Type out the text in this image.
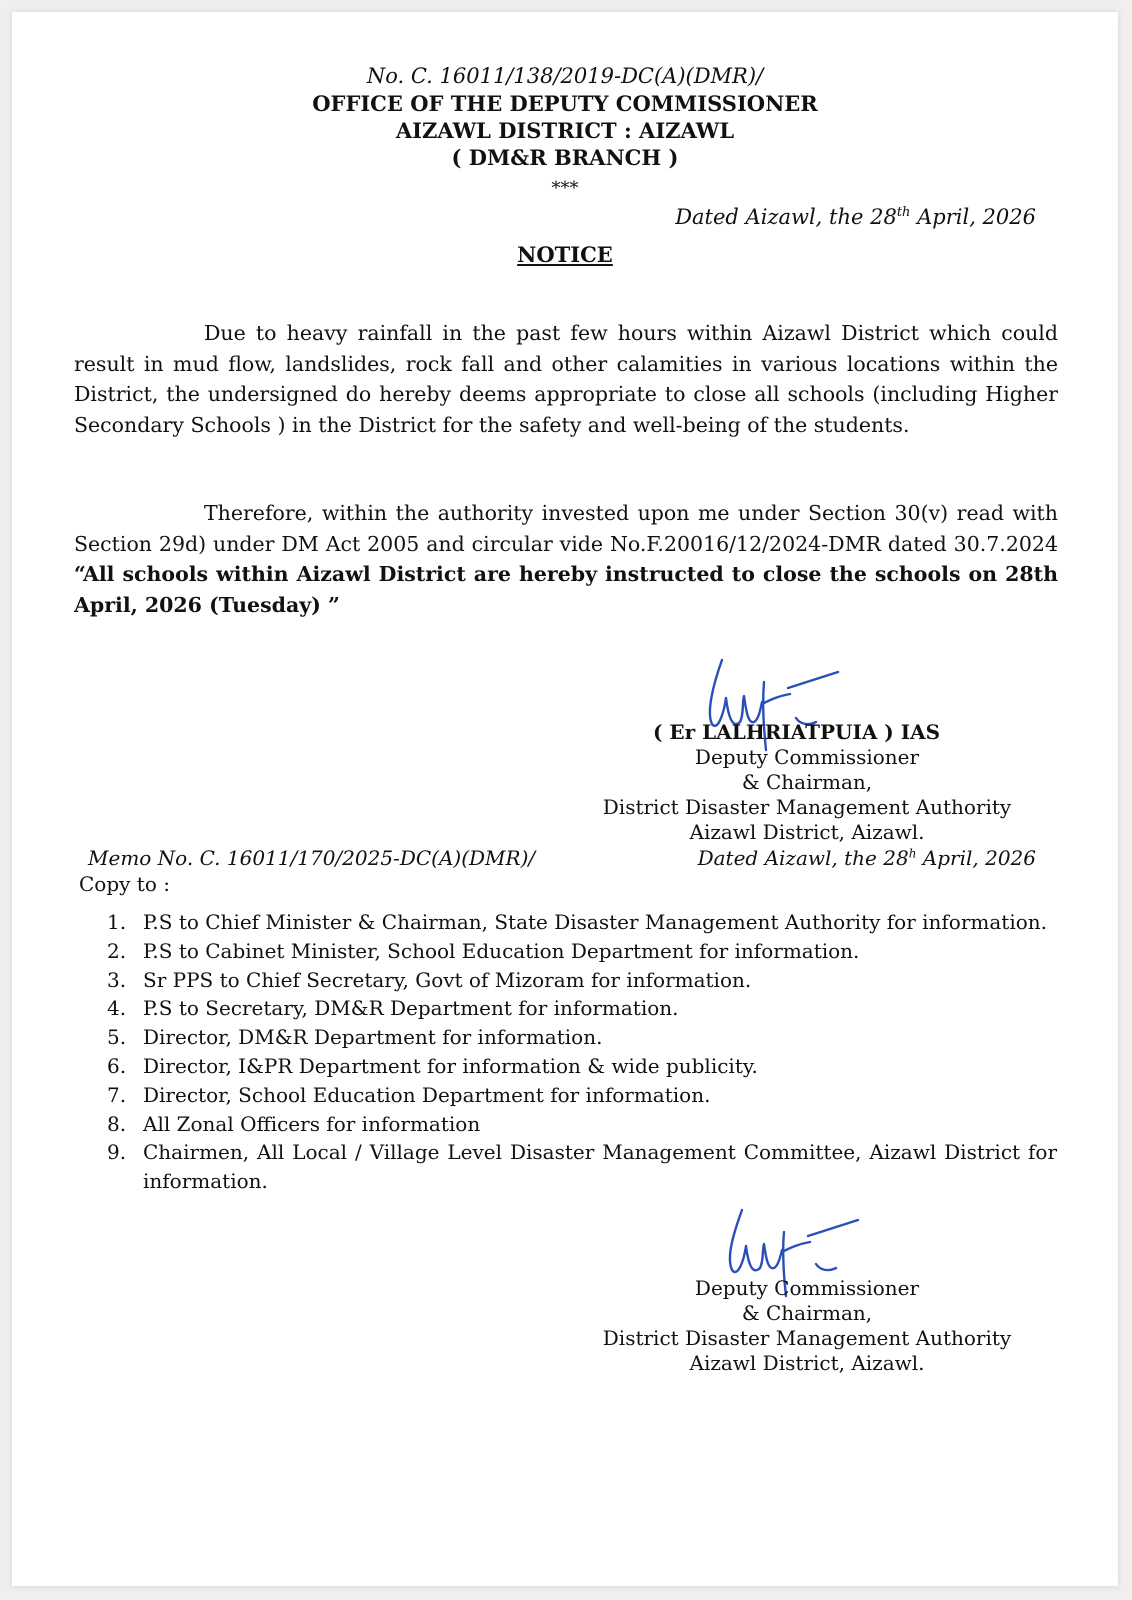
No. C. 16011/138/2019-DC(A)(DMR)/
OFFICE OF THE DEPUTY COMMISSIONER
AIZAWL DISTRICT : AIZAWL
( DM&R BRANCH )
***
Dated Aizawl, the 28th April, 2026
NOTICE
Due to heavy rainfall in the past few hours within Aizawl District which could result in mud flow, landslides, rock fall and other calamities in various locations within the District, the undersigned do hereby deems appropriate to close all schools (including Higher Secondary Schools ) in the District for the safety and well-being of the students.
Therefore, within the authority invested upon me under Section 30(v) read with Section 29d) under DM Act 2005 and circular vide No.F.20016/12/2024-DMR dated 30.7.2024 “All schools within Aizawl District are hereby instructed to close the schools on 28th April, 2026 (Tuesday) ”
( Er LALHRIATPUIA ) IAS
Deputy Commissioner
& Chairman,
District Disaster Management Authority
Aizawl District, Aizawl.
Memo No. C. 16011/170/2025-DC(A)(DMR)/	Dated Aizawl, the 28$^h$ April, 2026
Copy to :
1. P.S to Chief Minister & Chairman, State Disaster Management Authority for information.
2. P.S to Cabinet Minister, School Education Department for information.
3. Sr PPS to Chief Secretary, Govt of Mizoram for information.
4. P.S to Secretary, DM&R Department for information.
5. Director, DM&R Department for information.
6. Director, I&PR Department for information & wide publicity.
7. Director, School Education Department for information.
8. All Zonal Officers for information
9. Chairmen, All Local / Village Level Disaster Management Committee, Aizawl District for information.
Deputy Commissioner
& Chairman,
District Disaster Management Authority
Aizawl District, Aizawl.
